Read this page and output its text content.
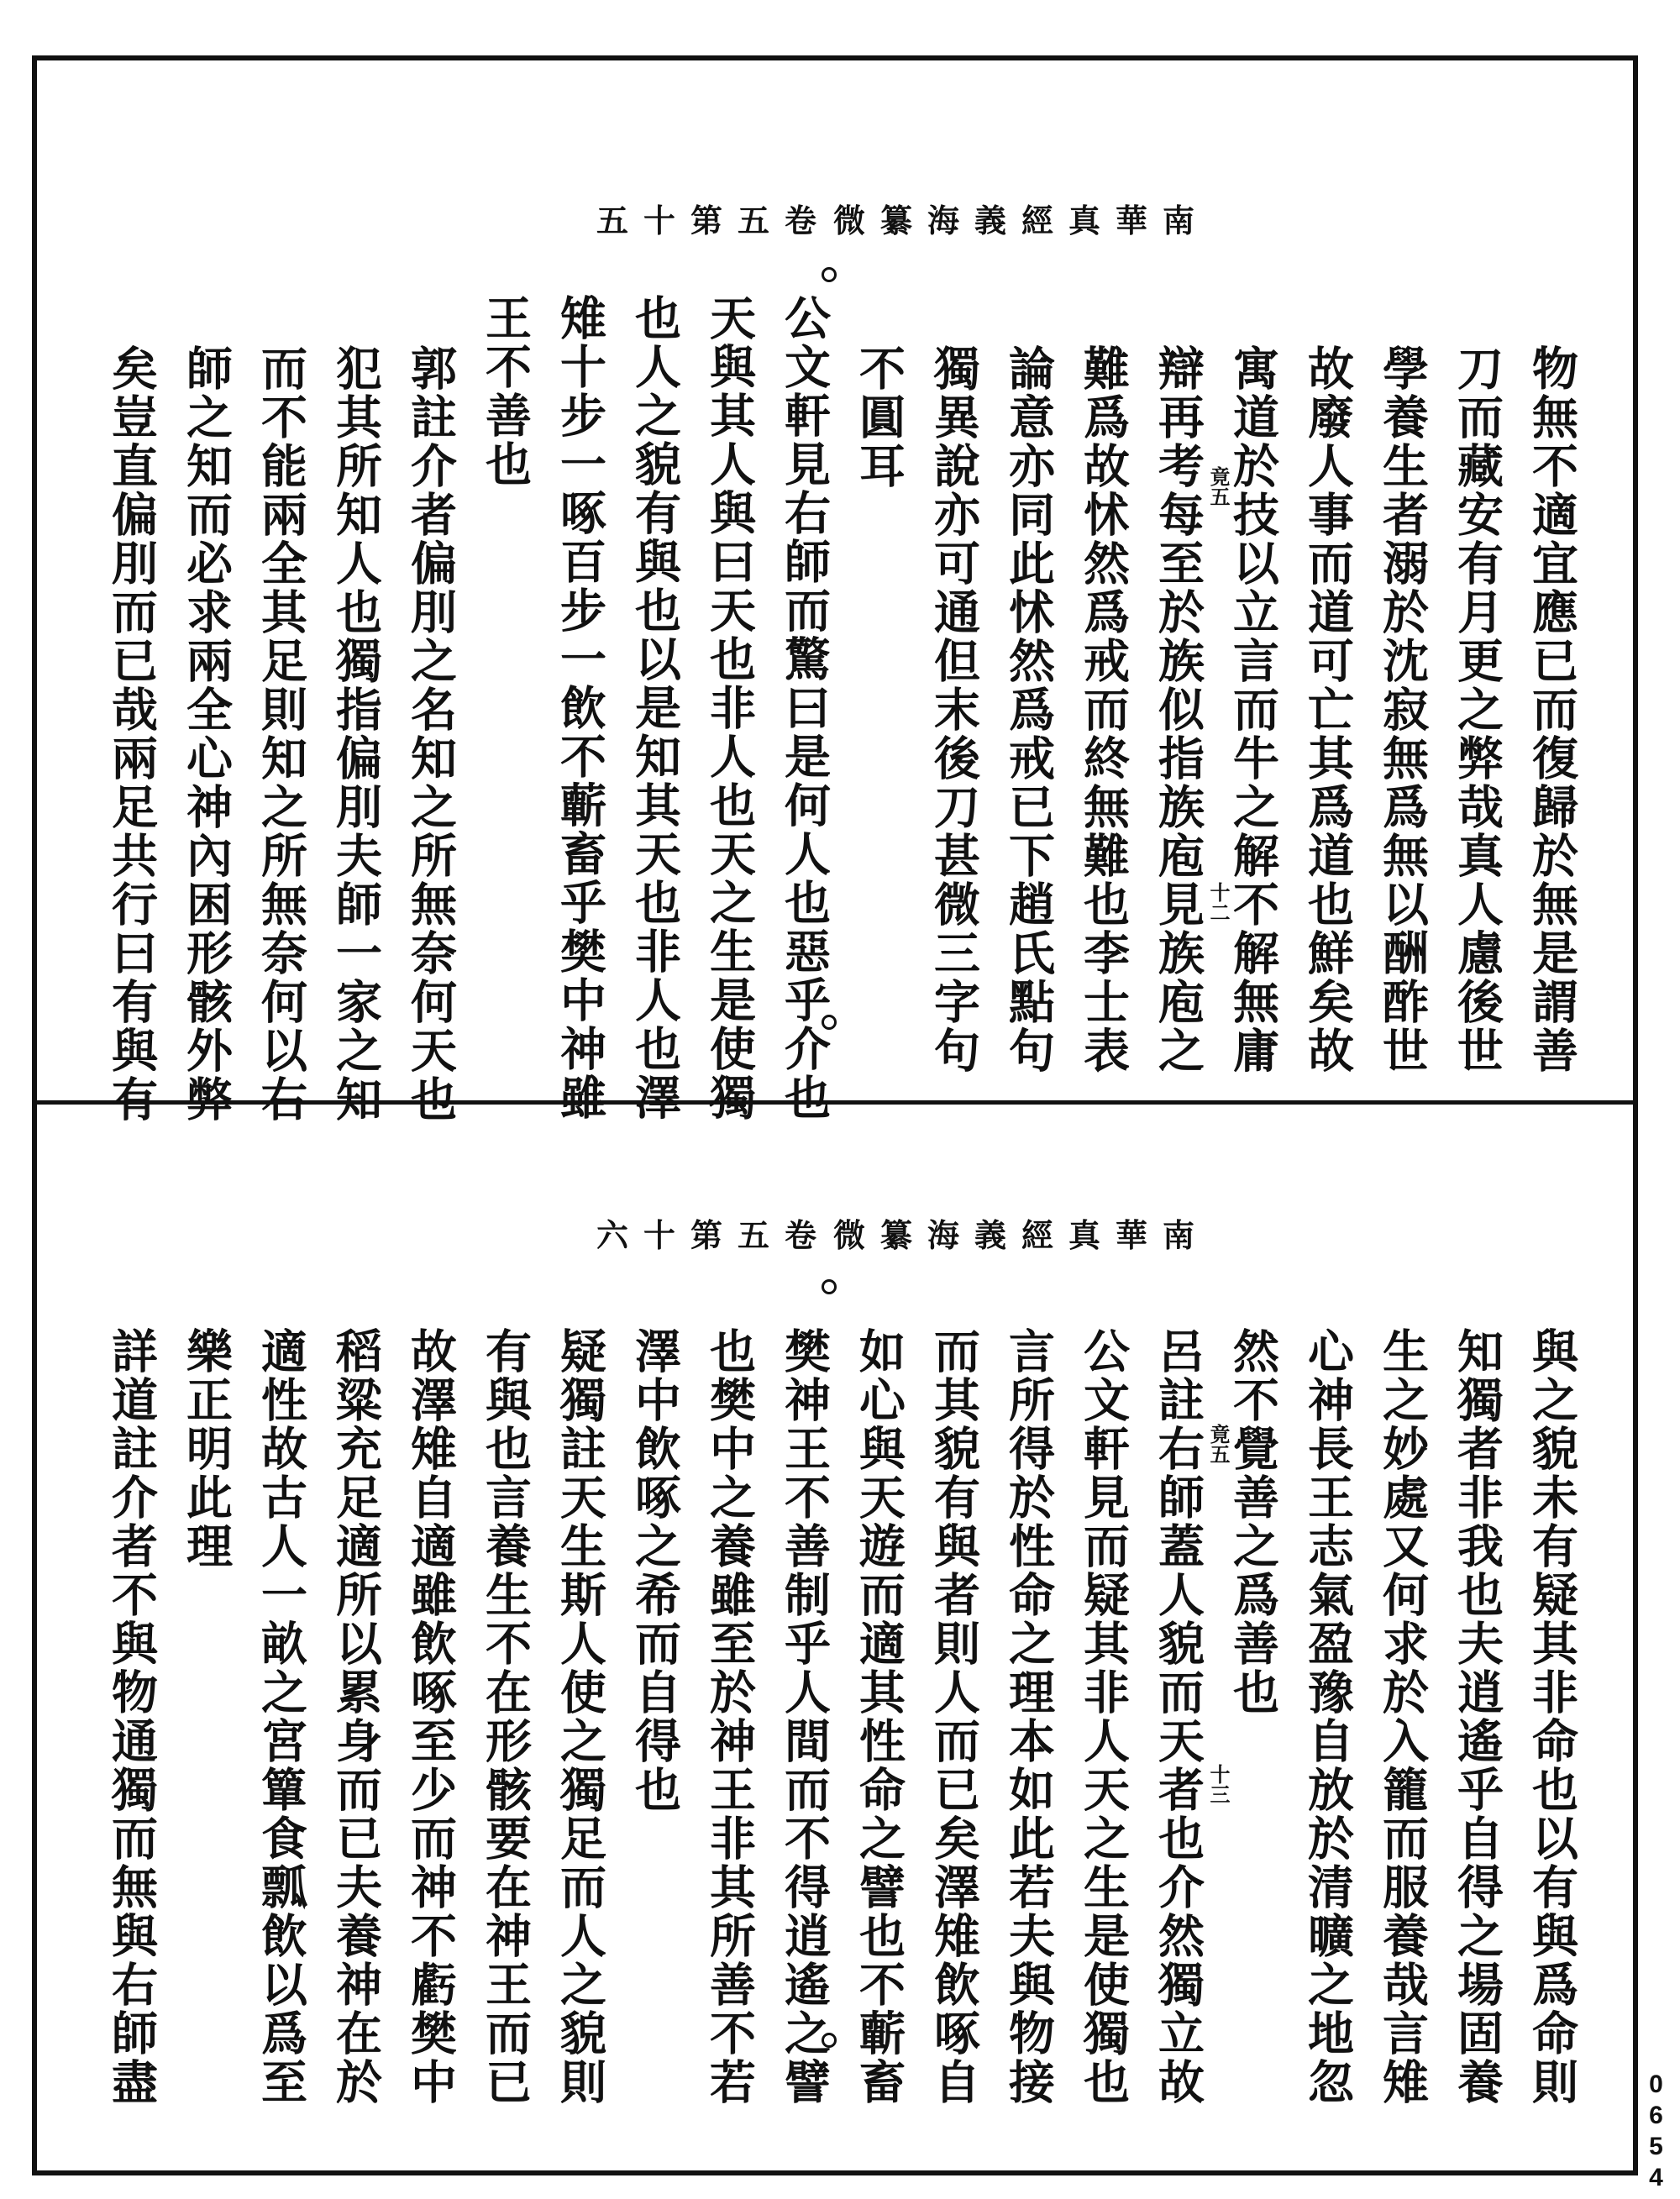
南華真經義海纂微
卷五第十五
物無不適宜應已而復歸於無是謂善
刀而藏安有月更之弊哉真人慮後世
學養生者溺於沈寂無爲無以酬酢世
故廢人事而道可亡其爲道也鮮矣故
寓道於技以立言而牛之解不解無庸
辯再考每至於族似指族庖見族庖之
難爲故怵然爲戒而終無難也李士表
論意亦同此怵然爲戒已下趙氏點句
獨異說亦可通但末後刀甚微三字句
不圓耳
公文軒見右師而驚曰是何人也惡乎介也
天與其人與曰天也非人也天之生是使獨
也人之貌有與也以是知其天也非人也澤
雉十步一啄百步一飲不蘄畜乎樊中神雖
王不善也
郭註介者偏刖之名知之所無奈何天也
犯其所知人也獨指偏刖夫師一家之知
而不能兩全其足則知之所無奈何以右
師之知而必求兩全心神內困形骸外弊
矣豈直偏刖而已哉兩足共行曰有與有
與之貌未有疑其非命也以有與爲命則
知獨者非我也夫逍遙乎自得之場固養
生之妙處又何求於入籠而服養哉言雉
心神長王志氣盈豫自放於清曠之地忽
然不覺善之爲善也
呂註右師蓋人貌而天者也介然獨立故
公文軒見而疑其非人天之生是使獨也
言所得於性命之理本如此若夫與物接
而其貌有與者則人而已矣澤雉飲啄自
如心與天遊而適其性命之譬也不蘄畜
樊神王不善制乎人間而不得逍遙之譬
也樊中之養雖至於神王非其所善不若
澤中飲啄之希而自得也
疑獨註天生斯人使之獨足而人之貌則
有與也言養生不在形骸要在神王而已
故澤雉自適雖飲啄至少而神不虧樊中
稻粱充足適所以累身而已夫養神在於
適性故古人一畝之宮簞食瓢飲以爲至
樂正明此理
詳道註介者不與物通獨而無與右師盡
南華真經義海纂微
卷五第十六
0654
竟五
十二
竟五
十三
